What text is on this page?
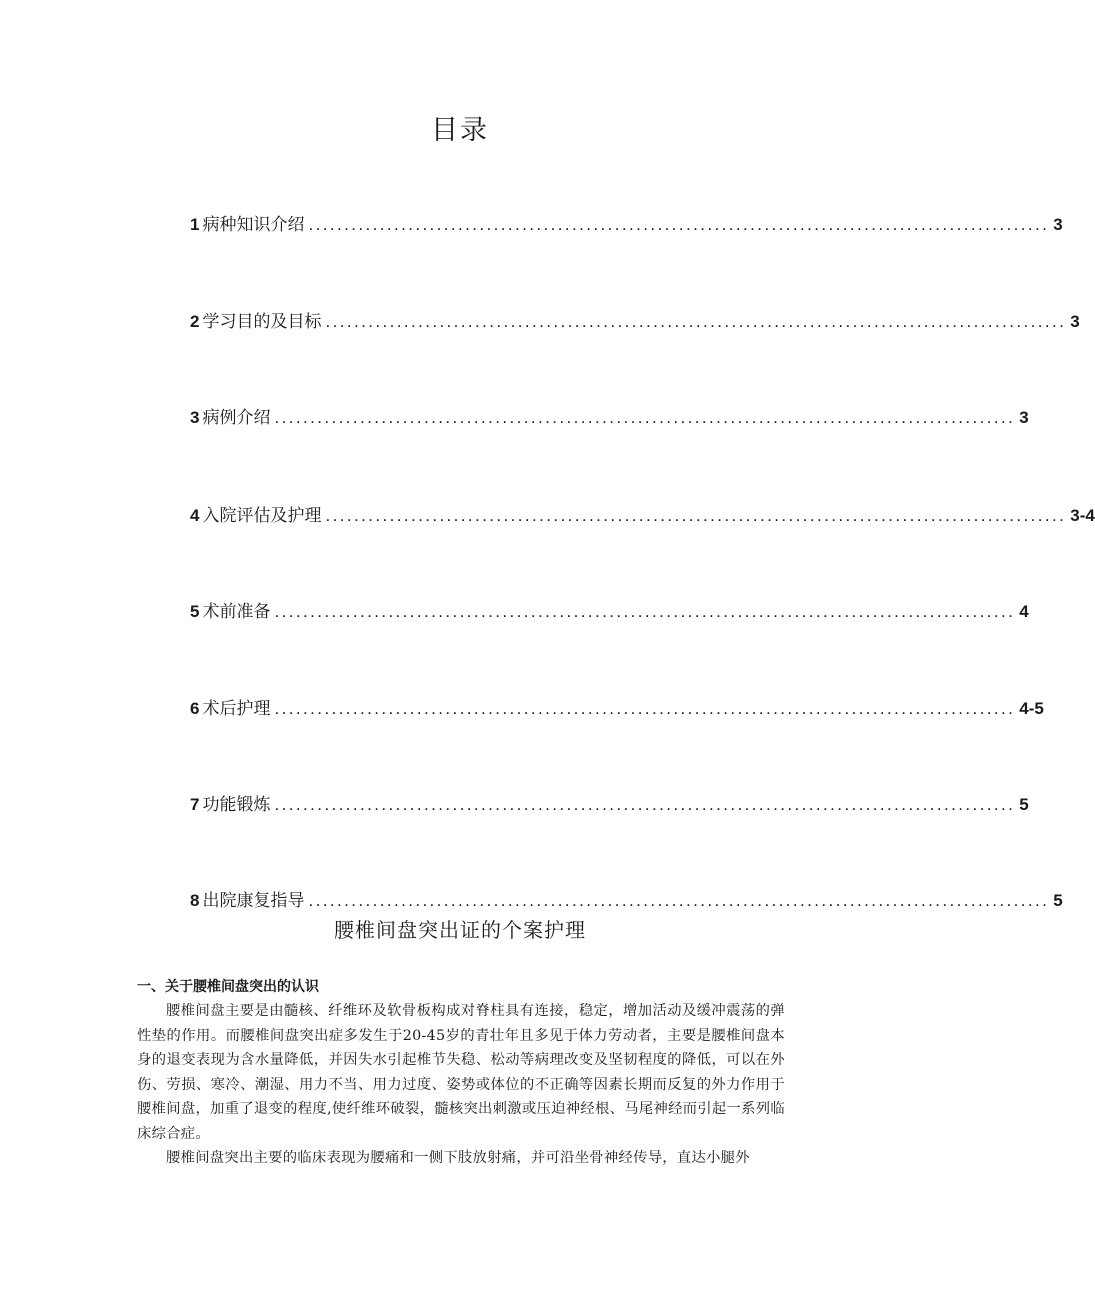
目录
1 病种知识介绍 ........................................................................................................ 3
2 学习目的及目标 ........................................................................................................ 3
3 病例介绍 ........................................................................................................ 3
4 入院评估及护理 ........................................................................................................ 3-4
5 术前准备 ........................................................................................................ 4
6 术后护理 ........................................................................................................ 4-5
7 功能锻炼 ........................................................................................................ 5
8 出院康复指导 ........................................................................................................ 5
腰椎间盘突出证的个案护理
一、关于腰椎间盘突出的认识

腰椎间盘主要是由髓核、纤维环及软骨板构成对脊柱具有连接，稳定，增加活动及缓冲震荡的弹性垫的作用。而腰椎间盘突出症多发生于20-45岁的青壮年且多见于体力劳动者，主要是腰椎间盘本身的退变表现为含水量降低，并因失水引起椎节失稳、松动等病理改变及坚韧程度的降低，可以在外伤、劳损、寒冷、潮湿、用力不当、用力过度、姿势或体位的不正确等因素长期而反复的外力作用于腰椎间盘，加重了退变的程度,使纤维环破裂，髓核突出刺激或压迫神经根、马尾神经而引起一系列临床综合症。

腰椎间盘突出主要的临床表现为腰痛和一侧下肢放射痛，并可沿坐骨神经传导，直达小腿外
